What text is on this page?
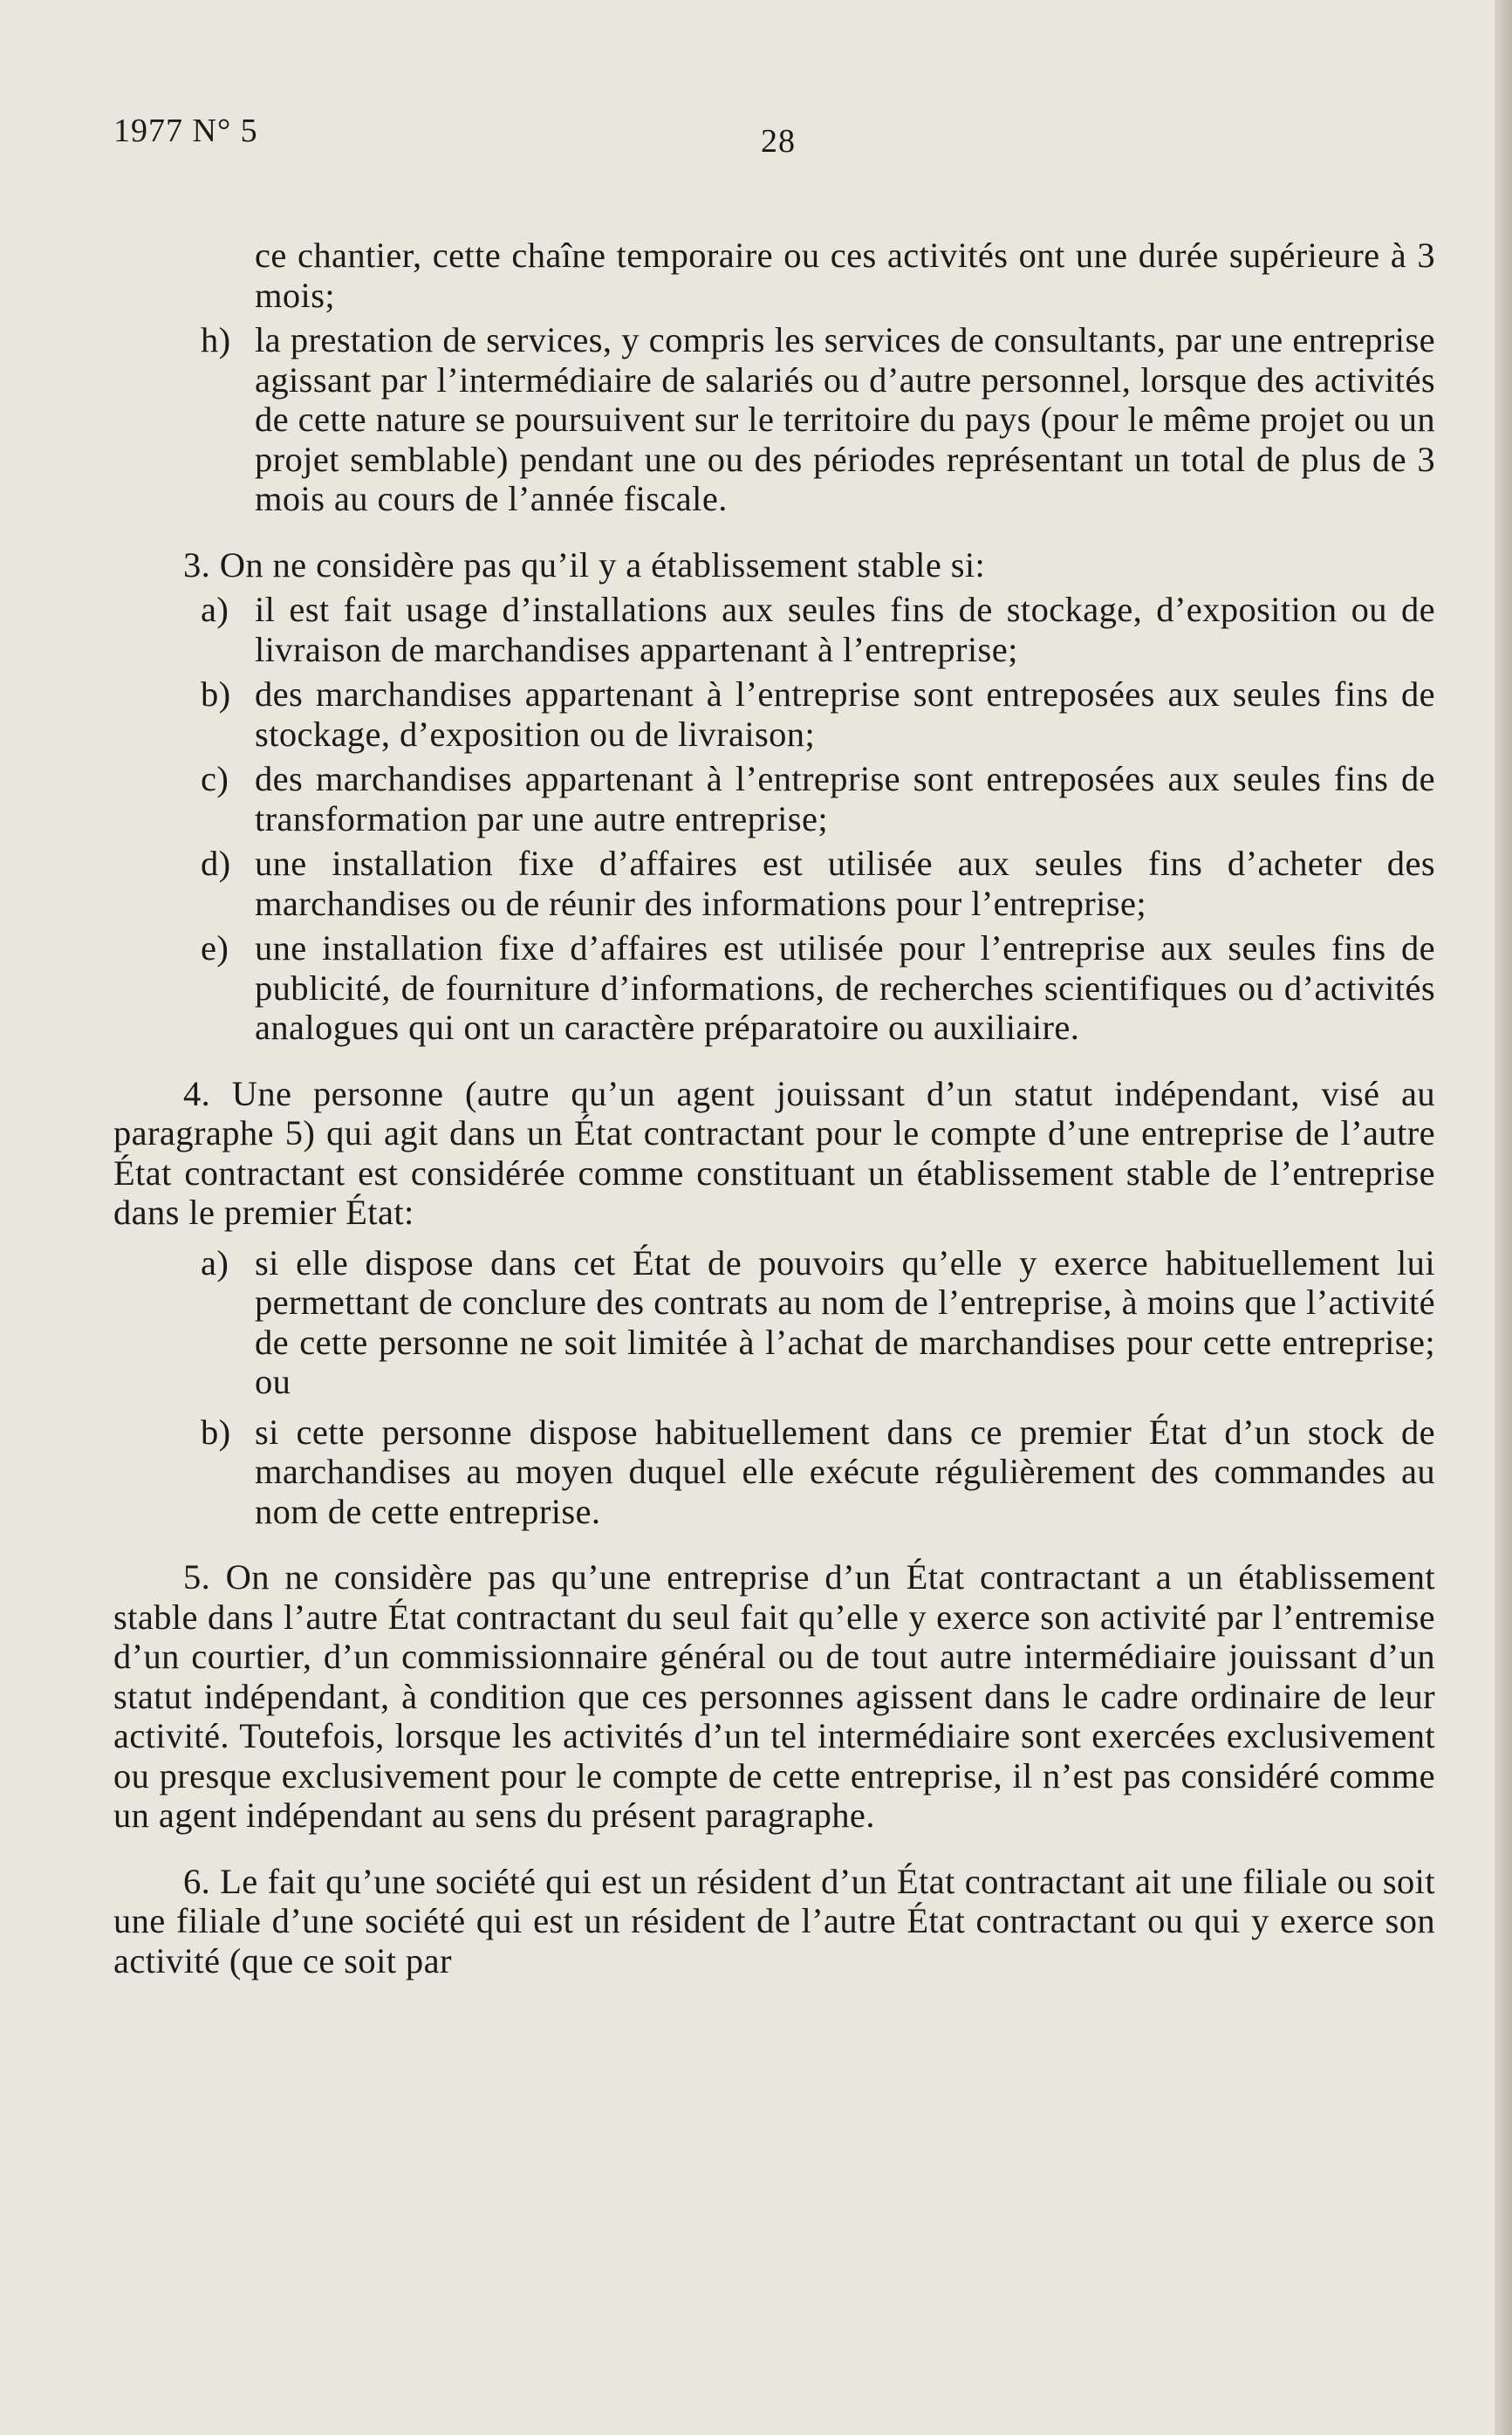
1977 N° 5	28

ce chantier, cette chaîne temporaire ou ces activités ont une durée supérieure à 3 mois;

h) la prestation de services, y compris les services de consultants, par une entreprise agissant par l’intermédiaire de salariés ou d’autre personnel, lorsque des activités de cette nature se poursuivent sur le territoire du pays (pour le même projet ou un projet semblable) pendant une ou des périodes représentant un total de plus de 3 mois au cours de l’année fiscale.

3. On ne considère pas qu’il y a établissement stable si:

a) il est fait usage d’installations aux seules fins de stockage, d’exposition ou de livraison de marchandises appartenant à l’entreprise;
b) des marchandises appartenant à l’entreprise sont entreposées aux seules fins de stockage, d’exposition ou de livraison;
c) des marchandises appartenant à l’entreprise sont entreposées aux seules fins de transformation par une autre entreprise;
d) une installation fixe d’affaires est utilisée aux seules fins d’acheter des marchandises ou de réunir des informations pour l’entreprise;
e) une installation fixe d’affaires est utilisée pour l’entreprise aux seules fins de publicité, de fourniture d’informations, de recherches scientifiques ou d’activités analogues qui ont un caractère préparatoire ou auxiliaire.

4. Une personne (autre qu’un agent jouissant d’un statut indépendant, visé au paragraphe 5) qui agit dans un État contractant pour le compte d’une entreprise de l’autre État contractant est considérée comme constituant un établissement stable de l’entreprise dans le premier État:

a) si elle dispose dans cet État de pouvoirs qu’elle y exerce habituellement lui permettant de conclure des contrats au nom de l’entreprise, à moins que l’activité de cette personne ne soit limitée à l’achat de marchandises pour cette entreprise; ou
b) si cette personne dispose habituellement dans ce premier État d’un stock de marchandises au moyen duquel elle exécute régulièrement des commandes au nom de cette entreprise.

5. On ne considère pas qu’une entreprise d’un État contractant a un établissement stable dans l’autre État contractant du seul fait qu’elle y exerce son activité par l’entremise d’un courtier, d’un commissionnaire général ou de tout autre intermédiaire jouissant d’un statut indépendant, à condition que ces personnes agissent dans le cadre ordinaire de leur activité. Toutefois, lorsque les activités d’un tel intermédiaire sont exercées exclusivement ou presque exclusivement pour le compte de cette entreprise, il n’est pas considéré comme un agent indépendant au sens du présent paragraphe.

6. Le fait qu’une société qui est un résident d’un État contractant ait une filiale ou soit une filiale d’une société qui est un résident de l’autre État contractant ou qui y exerce son activité (que ce soit par
